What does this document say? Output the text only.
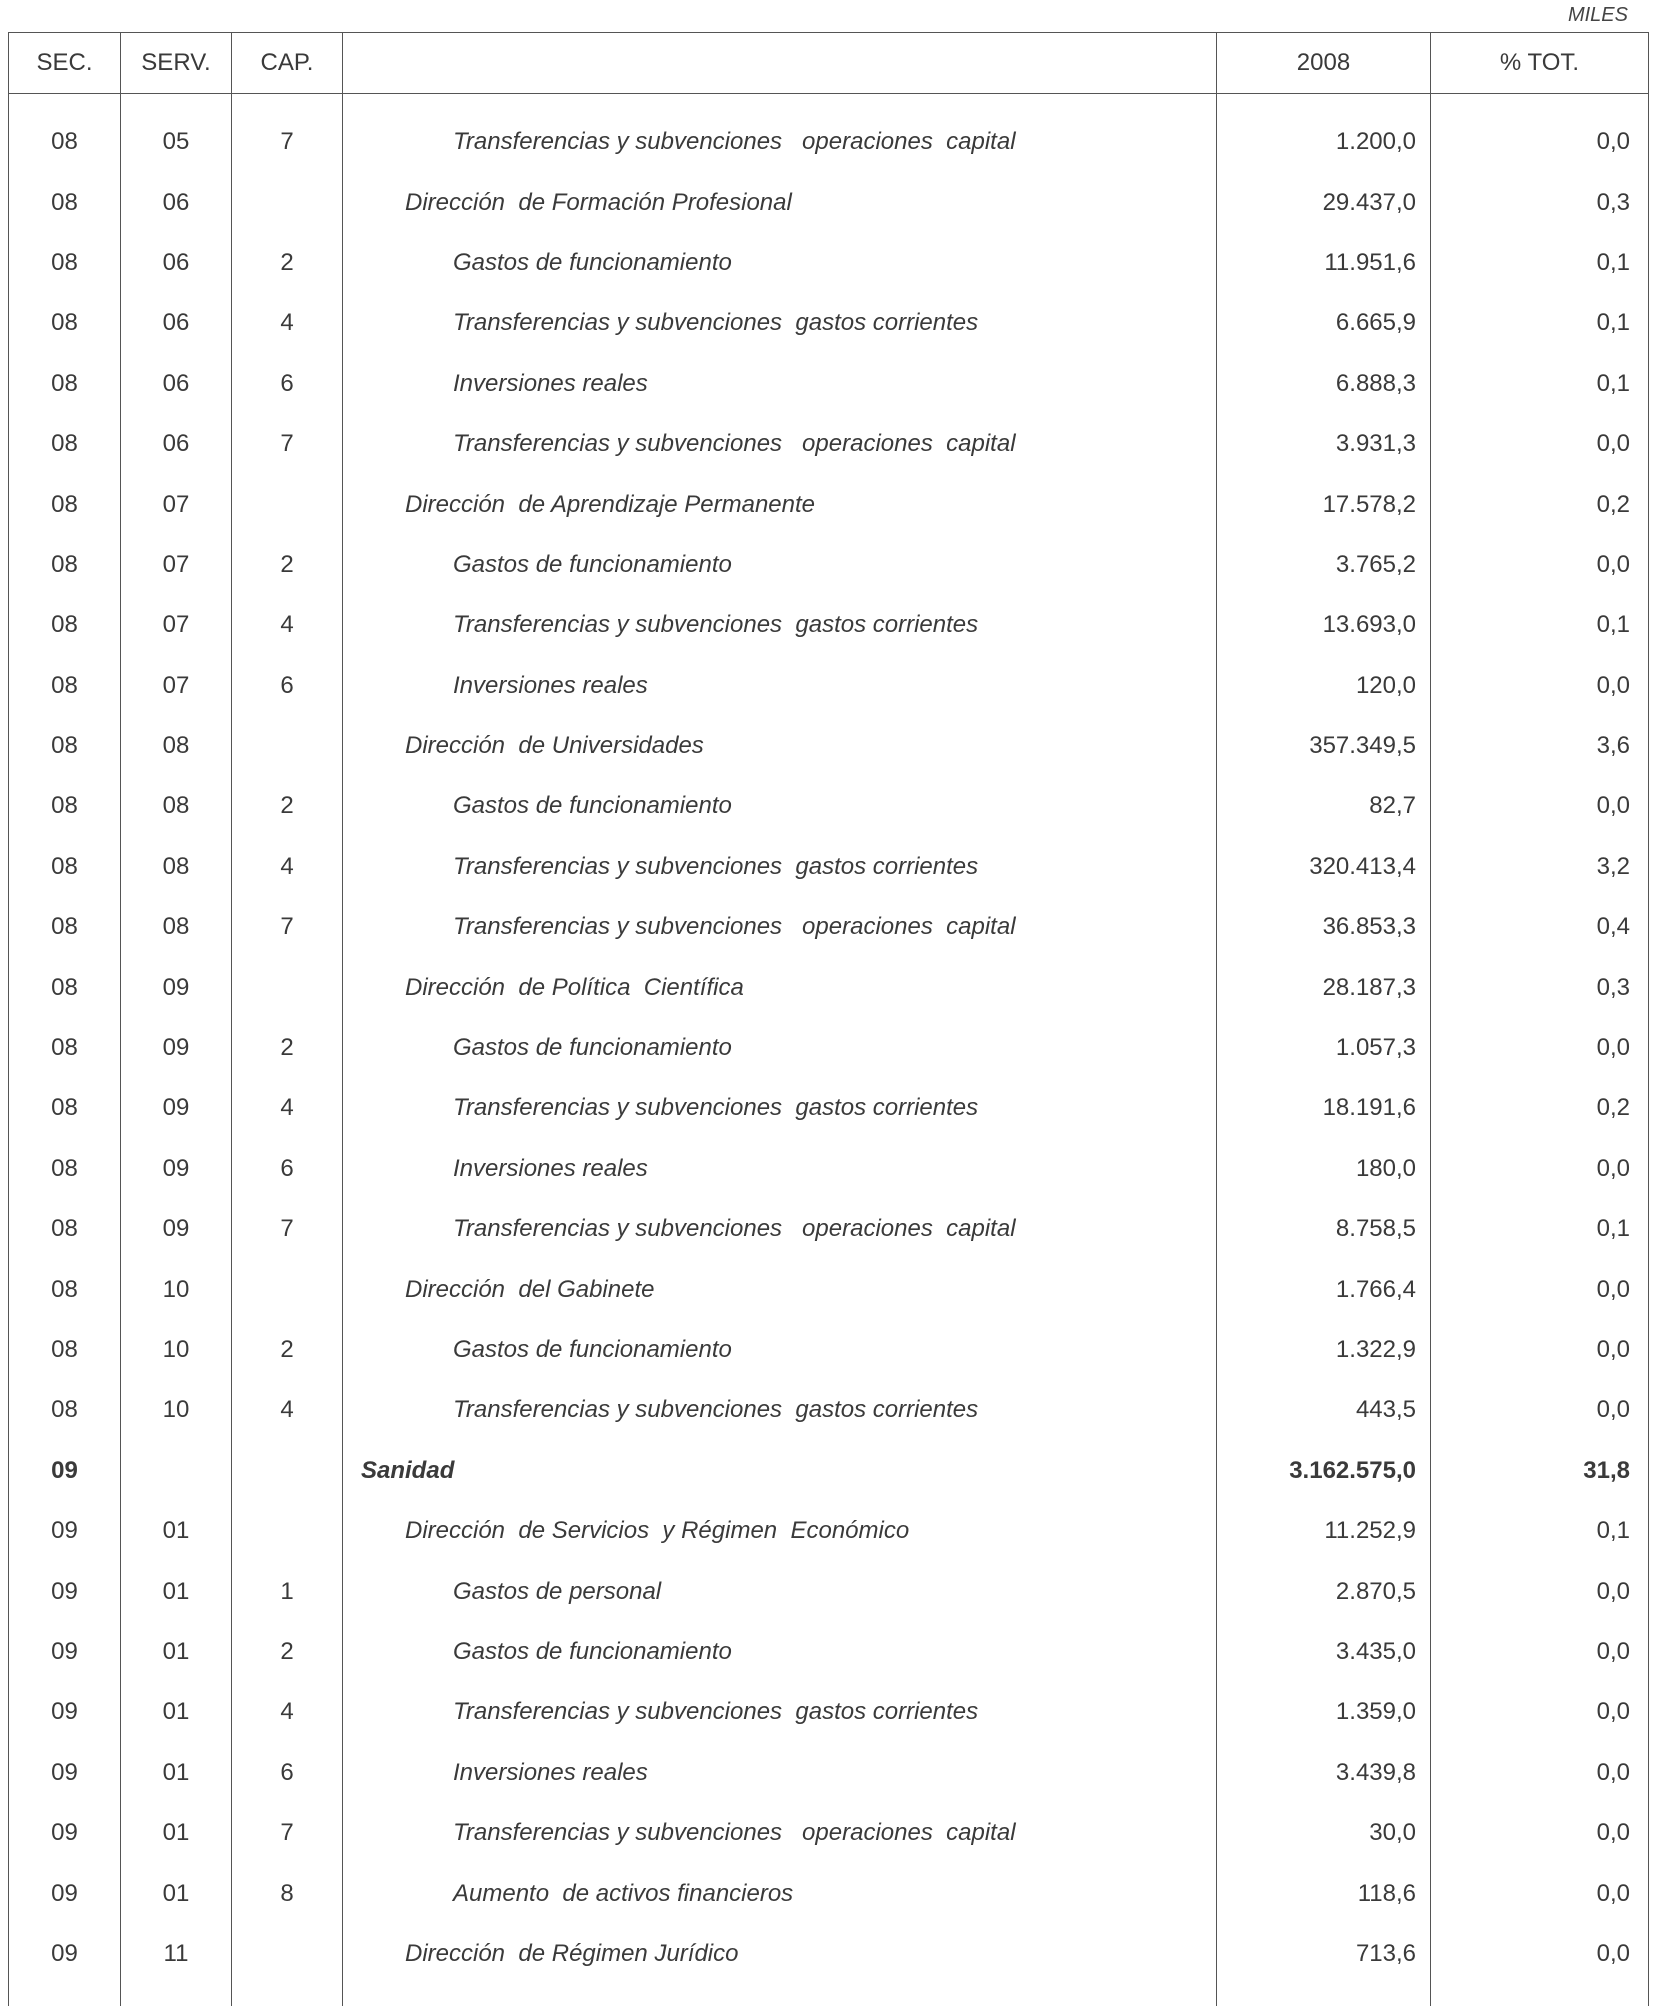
MILES
SEC.	SERV.	CAP.		2008	% TOT.
08	05	7	Transferencias y subvenciones   operaciones  capital	1.200,0	0,0
08	06		Dirección  de Formación Profesional	29.437,0	0,3
08	06	2	Gastos de funcionamiento	11.951,6	0,1
08	06	4	Transferencias y subvenciones  gastos corrientes	6.665,9	0,1
08	06	6	Inversiones reales	6.888,3	0,1
08	06	7	Transferencias y subvenciones   operaciones  capital	3.931,3	0,0
08	07		Dirección  de Aprendizaje Permanente	17.578,2	0,2
08	07	2	Gastos de funcionamiento	3.765,2	0,0
08	07	4	Transferencias y subvenciones  gastos corrientes	13.693,0	0,1
08	07	6	Inversiones reales	120,0	0,0
08	08		Dirección  de Universidades	357.349,5	3,6
08	08	2	Gastos de funcionamiento	82,7	0,0
08	08	4	Transferencias y subvenciones  gastos corrientes	320.413,4	3,2
08	08	7	Transferencias y subvenciones   operaciones  capital	36.853,3	0,4
08	09		Dirección  de Política  Científica	28.187,3	0,3
08	09	2	Gastos de funcionamiento	1.057,3	0,0
08	09	4	Transferencias y subvenciones  gastos corrientes	18.191,6	0,2
08	09	6	Inversiones reales	180,0	0,0
08	09	7	Transferencias y subvenciones   operaciones  capital	8.758,5	0,1
08	10		Dirección  del Gabinete	1.766,4	0,0
08	10	2	Gastos de funcionamiento	1.322,9	0,0
08	10	4	Transferencias y subvenciones  gastos corrientes	443,5	0,0
09			Sanidad	3.162.575,0	31,8
09	01		Dirección  de Servicios  y Régimen  Económico	11.252,9	0,1
09	01	1	Gastos de personal	2.870,5	0,0
09	01	2	Gastos de funcionamiento	3.435,0	0,0
09	01	4	Transferencias y subvenciones  gastos corrientes	1.359,0	0,0
09	01	6	Inversiones reales	3.439,8	0,0
09	01	7	Transferencias y subvenciones   operaciones  capital	30,0	0,0
09	01	8	Aumento  de activos financieros	118,6	0,0
09	11		Dirección  de Régimen Jurídico	713,6	0,0
